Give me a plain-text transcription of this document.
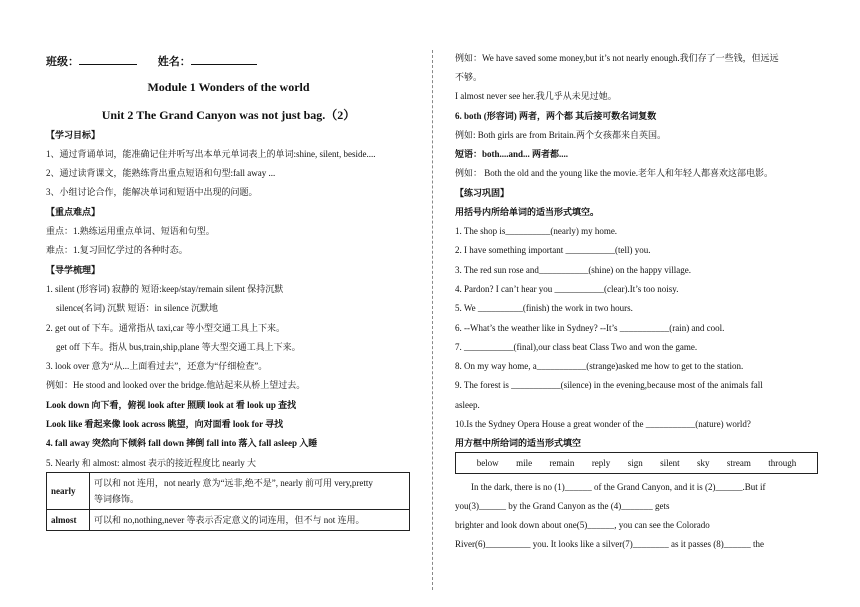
班级：	姓名：
Module 1 Wonders of the world
Unit 2 The Grand Canyon was not just bag.（2）
【学习目标】
1、通过背诵单词，能准确记住并听写出本单元单词表上的单词:shine, silent, beside....
2、通过读背课文，能熟练背出重点短语和句型:fall away ...
3、小组讨论合作，能解决单词和短语中出现的问题。
【重点难点】
重点：1.熟练运用重点单词、短语和句型。
难点：1.复习回忆学过的各种时态。
【导学梳理】
1. silent (形容词) 寂静的 短语:keep/stay/remain silent 保持沉默
silence(名词) 沉默 短语：in silence 沉默地
2. get out of 下车。通常指从 taxi,car 等小型交通工具上下来。
get off 下车。指从 bus,train,ship,plane 等大型交通工具上下来。
3. look over 意为“从...上面看过去”，还意为“仔细检查”。
例如：He stood and looked over the bridge.他站起来从桥上望过去。
Look down 向下看，俯视 look after 照顾 look at 看 look up 查找
Look like 看起来像 look across 眺望，向对面看 look for 寻找
4. fall away 突然向下倾斜 fall down 摔倒 fall into 落入 fall asleep 入睡
5. Nearly 和 almost: almost 表示的接近程度比 nearly 大
nearly	可以和 not 连用，not nearly 意为“远非,绝不是”, nearly 前可用 very,pretty
等词修饰。
almost	可以和 no,nothing,never 等表示否定意义的词连用，但不与 not 连用。
例如：We have saved some money,but it’s not nearly enough.我们存了一些钱，但远远
不够。
I almost never see her.我几乎从未见过她。
6. both (形容词) 两者，两个都 其后接可数名词复数
例如: Both girls are from Britain.两个女孩都来自英国。
短语：both....and... 两者都....
例如： Both the old and the young like the movie.老年人和年轻人都喜欢这部电影。
【练习巩固】
用括号内所给单词的适当形式填空。
1. The shop is__________(nearly) my home.
2. I have something important ___________(tell) you.
3. The red sun rose and___________(shine) on the happy village.
4. Pardon? I can’t hear you ___________(clear).It’s too noisy.
5. We __________(finish) the work in two hours.
6. --What’s the weather like in Sydney? --It’s ___________(rain) and cool.
7. ___________(final),our class beat Class Two and won the game.
8. On my way home, a___________(strange)asked me how to get to the station.
9. The forest is ___________(silence) in the evening,because most of the animals fall
asleep.
10.Is the Sydney Opera House a great wonder of the ___________(nature) world?
用方框中所给词的适当形式填空
below mile remain reply sign silent sky stream through
In the dark, there is no (1)______ of the Grand Canyon, and it is (2)______.But if
you(3)______ by the Grand Canyon as the (4)_______ gets
brighter and look down about one(5)______, you can see the Colorado
River(6)__________ you. It looks like a silver(7)________ as it passes (8)______ the
